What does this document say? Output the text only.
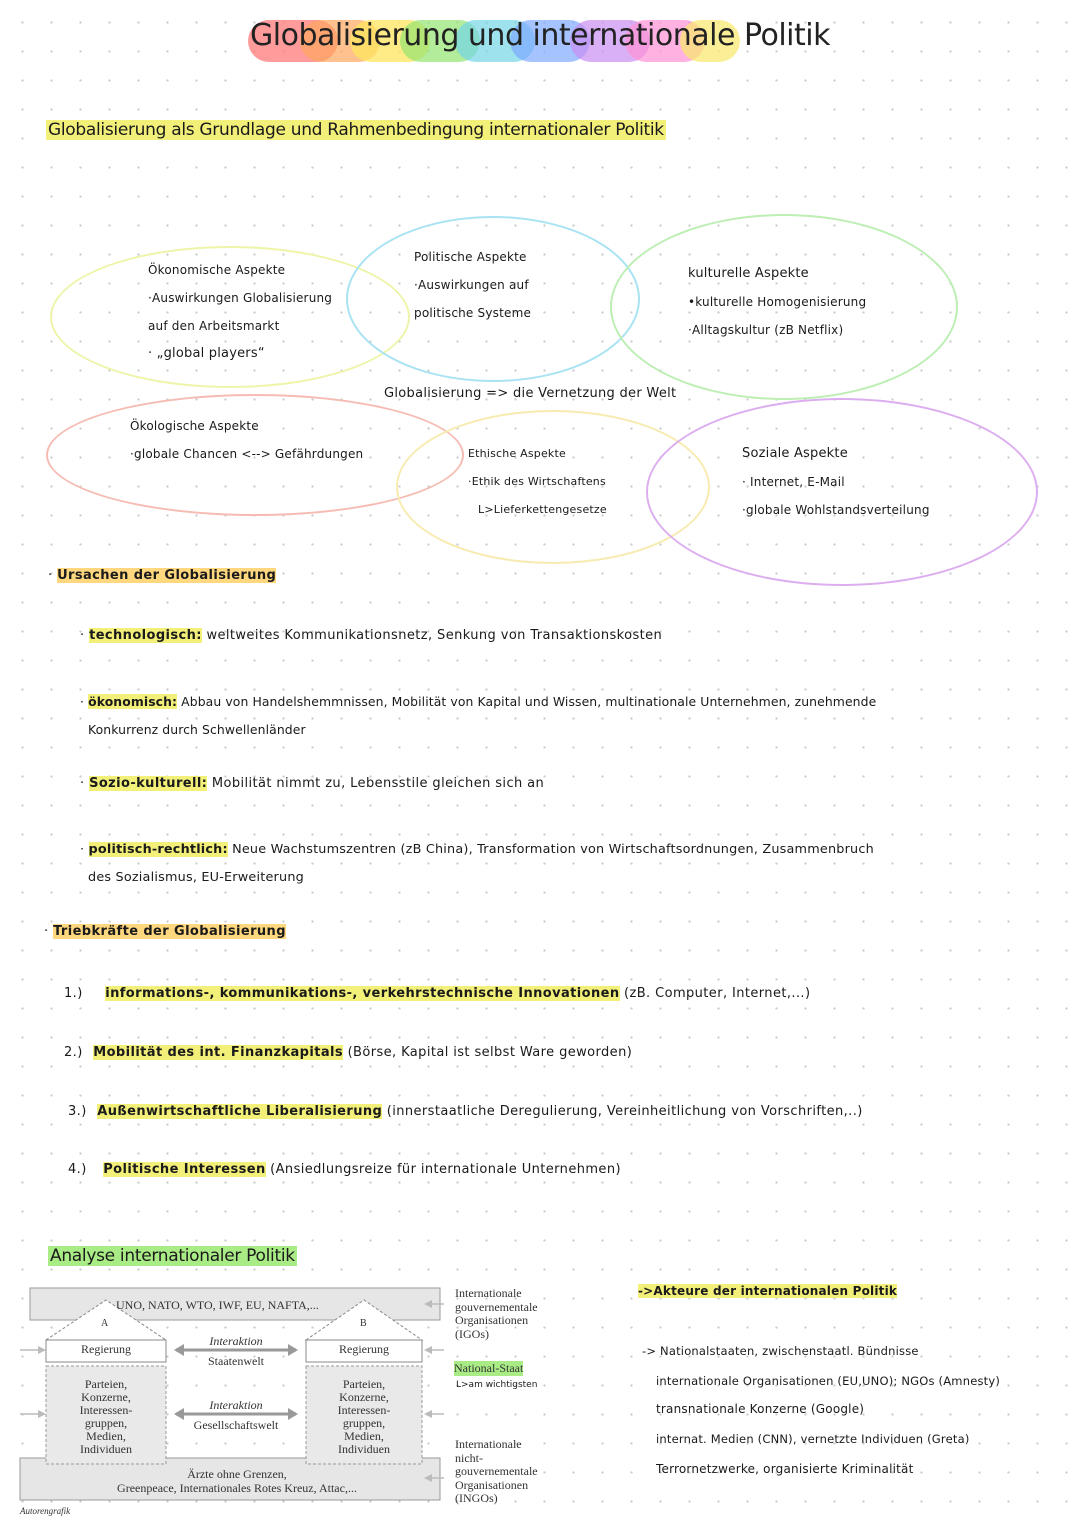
Globalisierung und internationale Politik
Globalisierung als Grundlage und Rahmenbedingung internationaler Politik
Ökonomische Aspekte
·Auswirkungen Globalisierung
auf den Arbeitsmarkt
· „global players“
Politische Aspekte
·Auswirkungen auf
politische Systeme
kulturelle Aspekte
•kulturelle Homogenisierung
·Alltagskultur (zB Netflix)
Globalisierung => die Vernetzung der Welt
Ökologische Aspekte
·globale Chancen <--> Gefährdungen	Ethische Aspekte
·Ethik des Wirtschaftens
L>Lieferkettengesetze
Soziale Aspekte
· Internet, E-Mail
·globale Wohlstandsverteilung
· Ursachen der Globalisierung
· technologisch: weltweites Kommunikationsnetz, Senkung von Transaktionskosten
· ökonomisch: Abbau von Handelshemmnissen, Mobilität von Kapital und Wissen, multinationale Unternehmen, zunehmende
Konkurrenz durch Schwellenländer
· Sozio-kulturell: Mobilität nimmt zu, Lebensstile gleichen sich an
· politisch-rechtlich: Neue Wachstumszentren (zB China), Transformation von Wirtschaftsordnungen, Zusammenbruch
des Sozialismus, EU-Erweiterung
· Triebkräfte der Globalisierung
1.) informations-, kommunikations-, verkehrstechnische Innovationen (zB. Computer, Internet,...)
2.) Mobilität des int. Finanzkapitals (Börse, Kapital ist selbst Ware geworden)
3.) Außenwirtschaftliche Liberalisierung (innerstaatliche Deregulierung, Vereinheitlichung von Vorschriften,..)
4.) Politische Interessen (Ansiedlungsreize für internationale Unternehmen)
Analyse internationaler Politik
UNO, NATO, WTO, IWF, EU, NAFTA,...
A	B
Regierung	Regierung
Parteien,
Konzerne,
Interessen-
gruppen,
Medien,
Individuen
Parteien,
Konzerne,
Interessen-
gruppen,
Medien,
Individuen
Interaktion
Staatenwelt
Interaktion
Gesellschaftswelt
Ärzte ohne Grenzen,
Greenpeace, Internationales Rotes Kreuz, Attac,...
Autorengrafik
Internationale
gouvernementale
Organisationen
(IGOs)
National-Staat
L>am wichtigsten
Internationale
nicht-
gouvernementale
Organisationen
(INGOs)
->Akteure der internationalen Politik
-> Nationalstaaten, zwischenstaatl. Bündnisse
internationale Organisationen (EU,UNO); NGOs (Amnesty)
transnationale Konzerne (Google)
internat. Medien (CNN), vernetzte Individuen (Greta)
Terrornetzwerke, organisierte Kriminalität
